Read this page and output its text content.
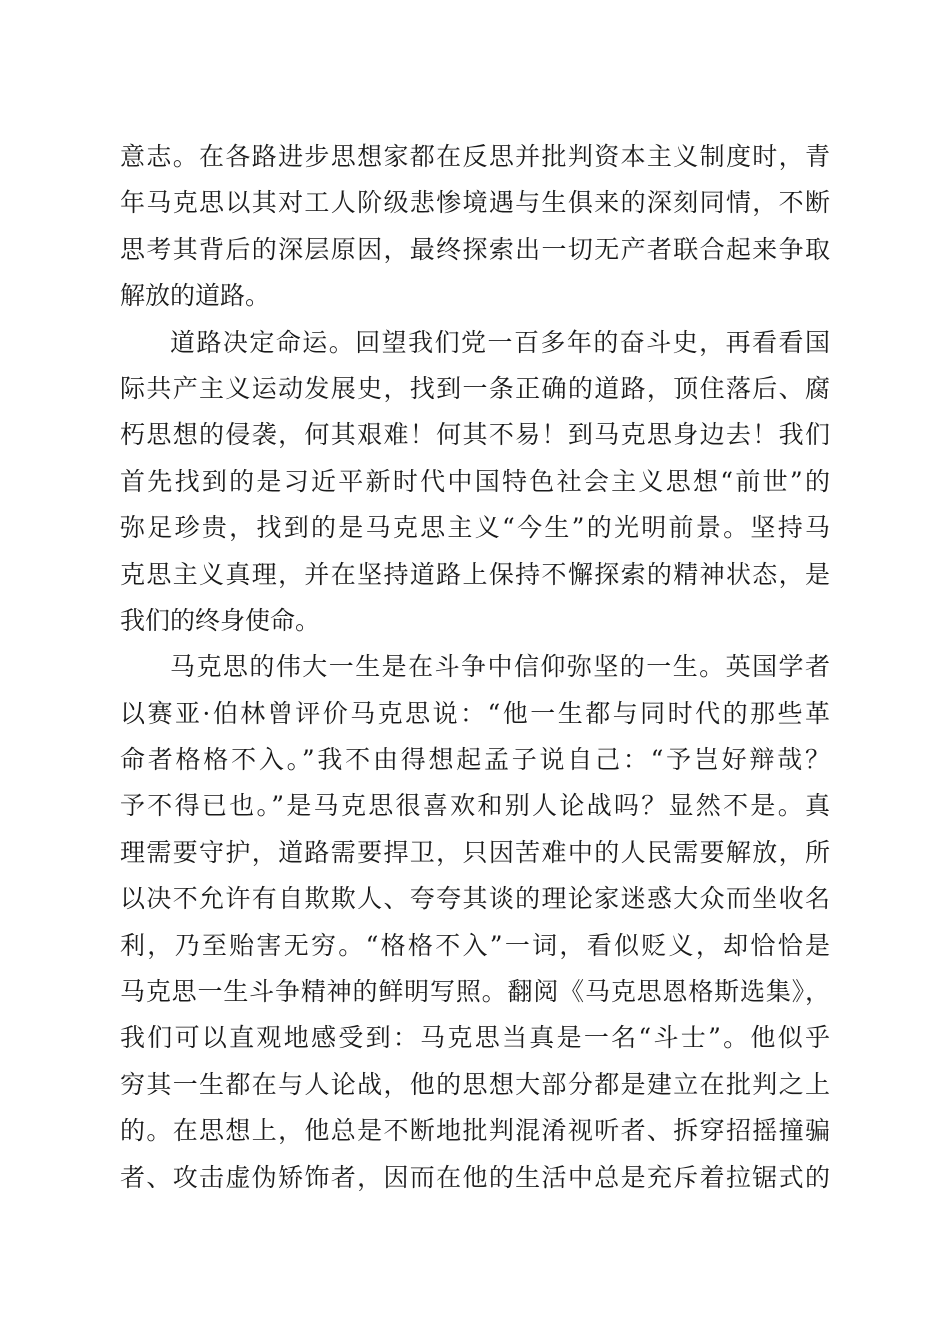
意志。在各路进步思想家都在反思并批判资本主义制度时，青
年马克思以其对工人阶级悲惨境遇与生俱来的深刻同情，不断
思考其背后的深层原因，最终探索出一切无产者联合起来争取
解放的道路。
道路决定命运。回望我们党一百多年的奋斗史，再看看国
际共产主义运动发展史，找到一条正确的道路，顶住落后、腐
朽思想的侵袭，何其艰难！何其不易！到马克思身边去！我们
首先找到的是习近平新时代中国特色社会主义思想“前世”的
弥足珍贵，找到的是马克思主义“今生”的光明前景。坚持马
克思主义真理，并在坚持道路上保持不懈探索的精神状态，是
我们的终身使命。
马克思的伟大一生是在斗争中信仰弥坚的一生。英国学者
以赛亚·伯林曾评价马克思说：“他一生都与同时代的那些革
命者格格不入。”我不由得想起孟子说自己：“予岂好辩哉？
予不得已也。”是马克思很喜欢和别人论战吗？显然不是。真
理需要守护，道路需要捍卫，只因苦难中的人民需要解放，所
以决不允许有自欺欺人、夸夸其谈的理论家迷惑大众而坐收名
利，乃至贻害无穷。“格格不入”一词，看似贬义，却恰恰是
马克思一生斗争精神的鲜明写照。翻阅《马克思恩格斯选集》，
我们可以直观地感受到：马克思当真是一名“斗士”。他似乎
穷其一生都在与人论战，他的思想大部分都是建立在批判之上
的。在思想上，他总是不断地批判混淆视听者、拆穿招摇撞骗
者、攻击虚伪矫饰者，因而在他的生活中总是充斥着拉锯式的
